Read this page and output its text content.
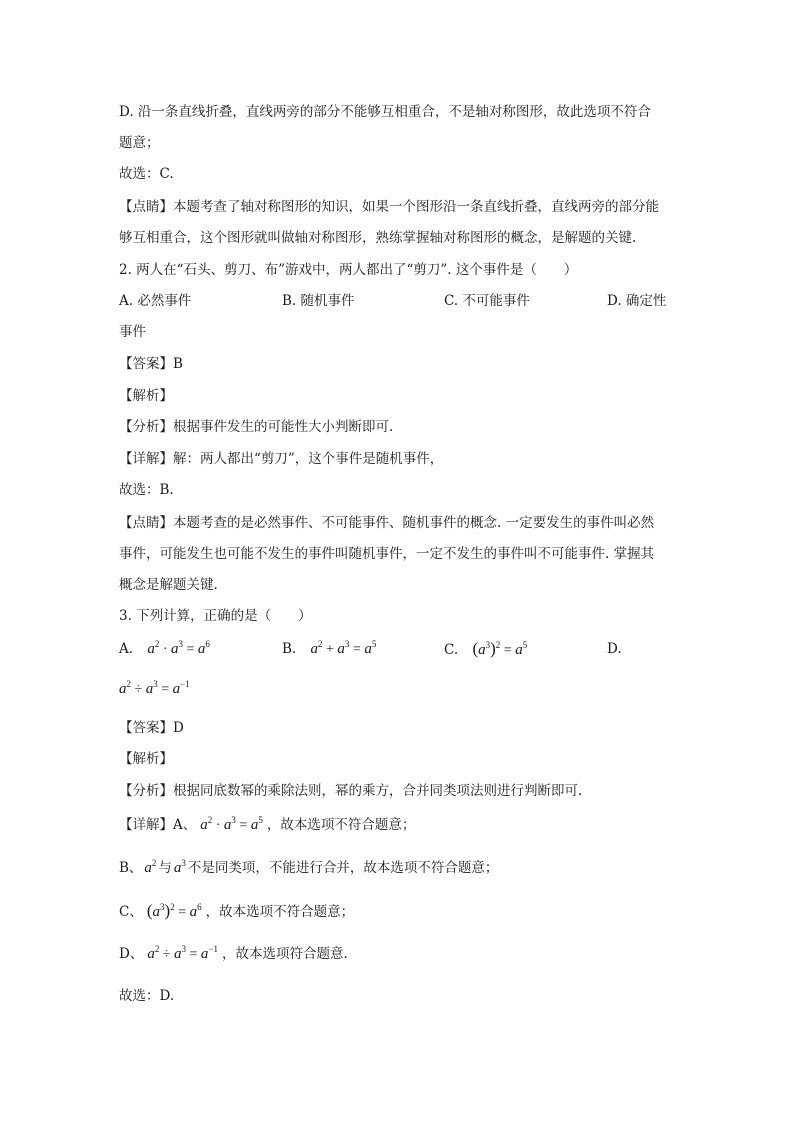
D. 沿一条直线折叠，直线两旁的部分不能够互相重合，不是轴对称图形，故此选项不符合
题意；
故选：C.
【点睛】本题考查了轴对称图形的知识，如果一个图形沿一条直线折叠，直线两旁的部分能
够互相重合，这个图形就叫做轴对称图形，熟练掌握轴对称图形的概念，是解题的关键.
2. 两人在“石头、剪刀、布”游戏中，两人都出了“剪刀”. 这个事件是（　　）
A. 必然事件	B. 随机事件	C. 不可能事件	D. 确定性
事件
【答案】B
【解析】
【分析】根据事件发生的可能性大小判断即可.
【详解】解：两人都出“剪刀”，这个事件是随机事件，
故选：B.
【点睛】本题考查的是必然事件、不可能事件、随机事件的概念. 一定要发生的事件叫必然
事件，可能发生也可能不发生的事件叫随机事件，一定不发生的事件叫不可能事件. 掌握其
概念是解题关键.
3. 下列计算，正确的是（　　）
A. $a^2 \cdot a^3 = a^6$	B. $a^2 + a^3 = a^5$	C. $(a^3)^2 = a^5$	D.
$a^2 \div a^3 = a^{-1}$
【答案】D
【解析】
【分析】根据同底数幂的乘除法则，幂的乘方，合并同类项法则进行判断即可.
【详解】A、 $a^2 \cdot a^3 = a^5$ ，故本选项不符合题意；
B、 $a^2$ 与 $a^3$ 不是同类项，不能进行合并，故本选项不符合题意；
C、 $(a^3)^2 = a^6$ ，故本选项不符合题意；
D、 $a^2 \div a^3 = a^{-1}$ ，故本选项符合题意.
故选：D.
